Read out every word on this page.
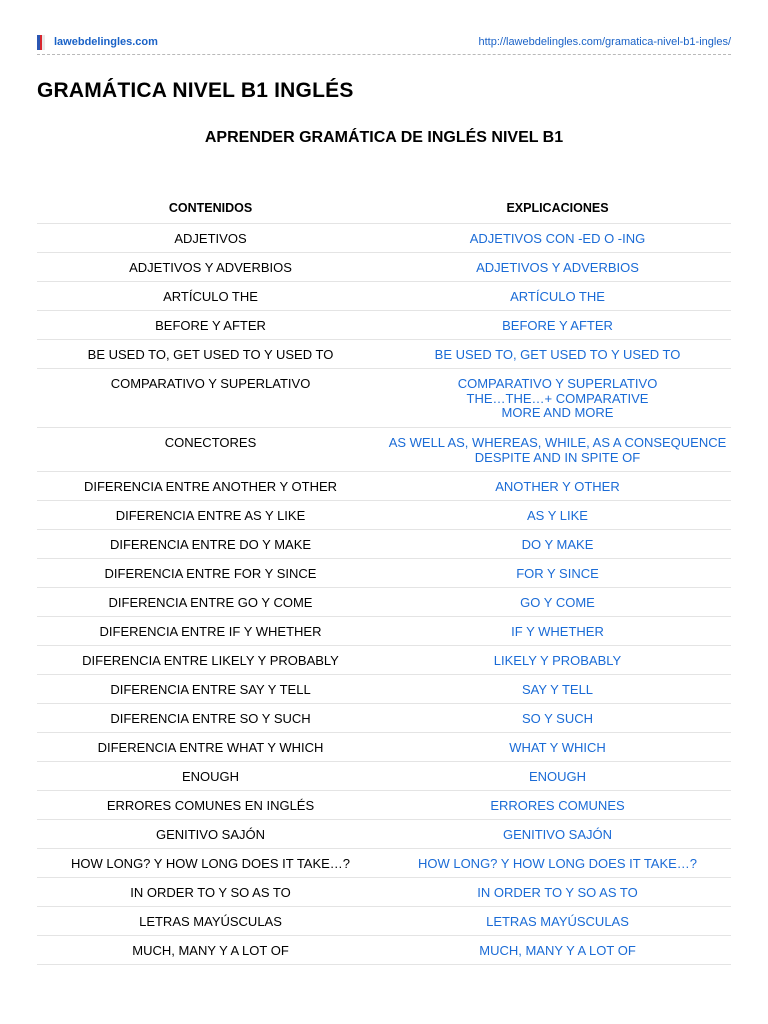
lawebdelingles.com	http://lawebdelingles.com/gramatica-nivel-b1-ingles/
GRAMÁTICA NIVEL B1 INGLÉS
APRENDER GRAMÁTICA DE INGLÉS NIVEL B1
CONTENIDOS	EXPLICACIONES
ADJETIVOS	ADJETIVOS CON -ED O -ING
ADJETIVOS Y ADVERBIOS	ADJETIVOS Y ADVERBIOS
ARTÍCULO THE	ARTÍCULO THE
BEFORE Y AFTER	BEFORE Y AFTER
BE USED TO, GET USED TO Y USED TO	BE USED TO, GET USED TO Y USED TO
COMPARATIVO Y SUPERLATIVO	COMPARATIVO Y SUPERLATIVO
THE…THE…+ COMPARATIVE
MORE AND MORE
CONECTORES	AS WELL AS, WHEREAS, WHILE, AS A CONSEQUENCE
DESPITE AND IN SPITE OF
DIFERENCIA ENTRE ANOTHER Y OTHER	ANOTHER Y OTHER
DIFERENCIA ENTRE AS Y LIKE	AS Y LIKE
DIFERENCIA ENTRE DO Y MAKE	DO Y MAKE
DIFERENCIA ENTRE FOR Y SINCE	FOR Y SINCE
DIFERENCIA ENTRE GO Y COME	GO Y COME
DIFERENCIA ENTRE IF Y WHETHER	IF Y WHETHER
DIFERENCIA ENTRE LIKELY Y PROBABLY	LIKELY Y PROBABLY
DIFERENCIA ENTRE SAY Y TELL	SAY Y TELL
DIFERENCIA ENTRE SO Y SUCH	SO Y SUCH
DIFERENCIA ENTRE WHAT Y WHICH	WHAT Y WHICH
ENOUGH	ENOUGH
ERRORES COMUNES EN INGLÉS	ERRORES COMUNES
GENITIVO SAJÓN	GENITIVO SAJÓN
HOW LONG? Y HOW LONG DOES IT TAKE…?	HOW LONG? Y HOW LONG DOES IT TAKE…?
IN ORDER TO Y SO AS TO	IN ORDER TO Y SO AS TO
LETRAS MAYÚSCULAS	LETRAS MAYÚSCULAS
MUCH, MANY Y A LOT OF	MUCH, MANY Y A LOT OF
